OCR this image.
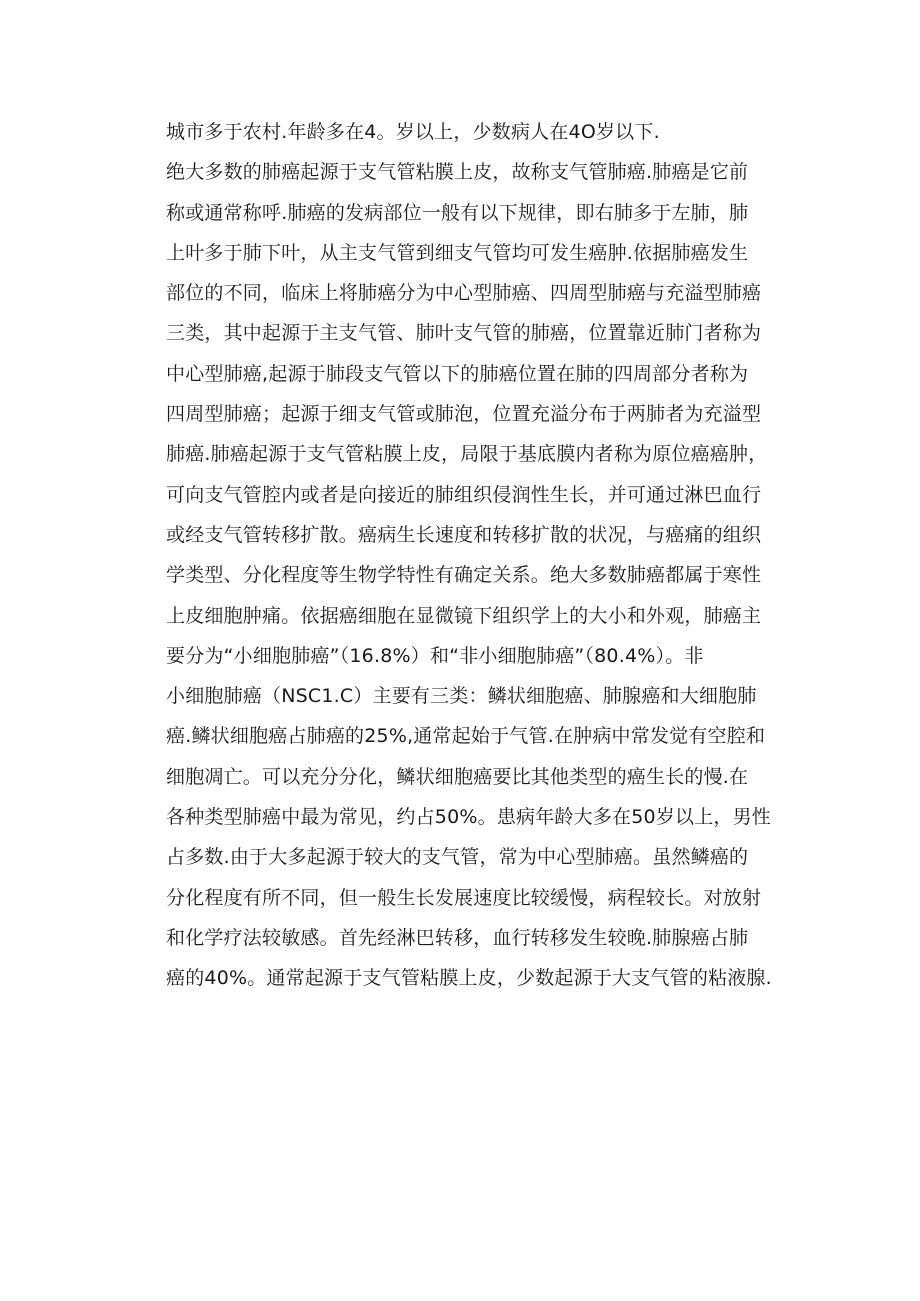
城市多于农村.年龄多在4。岁以上，少数病人在4O岁以下.
绝大多数的肺癌起源于支气管粘膜上皮，故称支气管肺癌.肺癌是它前
称或通常称呼.肺癌的发病部位一般有以下规律，即右肺多于左肺，肺
上叶多于肺下叶，从主支气管到细支气管均可发生癌肿.依据肺癌发生
部位的不同，临床上将肺癌分为中心型肺癌、四周型肺癌与充溢型肺癌
三类，其中起源于主支气管、肺叶支气管的肺癌，位置靠近肺门者称为
中心型肺癌,起源于肺段支气管以下的肺癌位置在肺的四周部分者称为
四周型肺癌；起源于细支气管或肺泡，位置充溢分布于两肺者为充溢型
肺癌.肺癌起源于支气管粘膜上皮，局限于基底膜内者称为原位癌癌肿，
可向支气管腔内或者是向接近的肺组织侵润性生长，并可通过淋巴血行
或经支气管转移扩散。癌病生长速度和转移扩散的状况，与癌痛的组织
学类型、分化程度等生物学特性有确定关系。绝大多数肺癌都属于寒性
上皮细胞肿痛。依据癌细胞在显微镜下组织学上的大小和外观，肺癌主
要分为“小细胞肺癌”（16.8%）和“非小细胞肺癌”（80.4%）。非
小细胞肺癌（NSC1.C）主要有三类：鳞状细胞癌、肺腺癌和大细胞肺
癌.鳞状细胞癌占肺癌的25%,通常起始于气管.在肿病中常发觉有空腔和
细胞凋亡。可以充分分化，鳞状细胞癌要比其他类型的癌生长的慢.在
各种类型肺癌中最为常见，约占50%。患病年龄大多在50岁以上，男性
占多数.由于大多起源于较大的支气管，常为中心型肺癌。虽然鳞癌的
分化程度有所不同，但一般生长发展速度比较缓慢，病程较长。对放射
和化学疗法较敏感。首先经淋巴转移，血行转移发生较晚.肺腺癌占肺
癌的40%。通常起源于支气管粘膜上皮，少数起源于大支气管的粘液腺.
